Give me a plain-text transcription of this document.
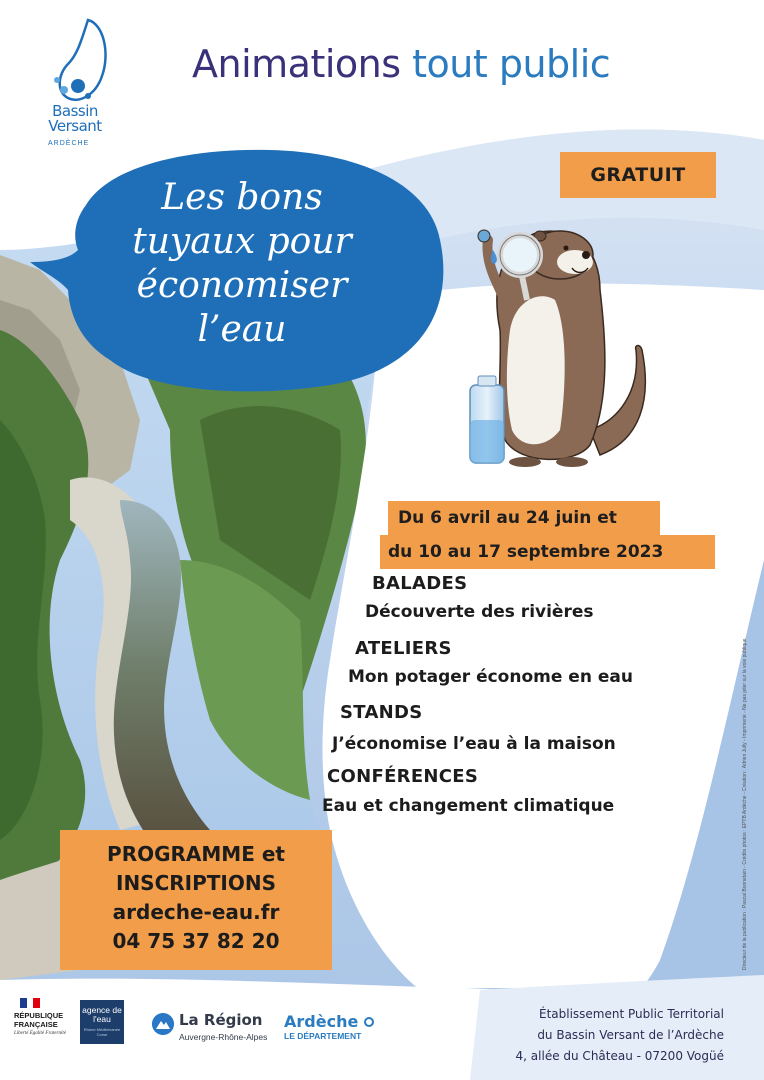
Bassin
Versant
ARDÈCHE
Animations tout public
GRATUIT
Les bons
tuyaux pour
économiser
l’eau
Du 6 avril au 24 juin et
du 10 au 17 septembre 2023
BALADES
Découverte des rivières
ATELIERS
Mon potager économe en eau
STANDS
J’économise l’eau à la maison
CONFÉRENCES
Eau et changement climatique
PROGRAMME et
INSCRIPTIONS
ardeche-eau.fr
04 75 37 82 20
RÉPUBLIQUE FRANÇAISE
Liberté Égalité Fraternité
agence de l'eau
Rhône Méditerranée Corse
La Région
Auvergne-Rhône-Alpes
Ardèche
LE DÉPARTEMENT
Établissement Public Territorial
du Bassin Versant de l’Ardèche
4, allée du Château - 07200 Vogüé
Directeur de la publication : Pascal Bonnetain - Crédits photos : EPTB Ardèche - Création : Adrien Jully - Imprimerie - Ne pas jeter sur la voie publique
